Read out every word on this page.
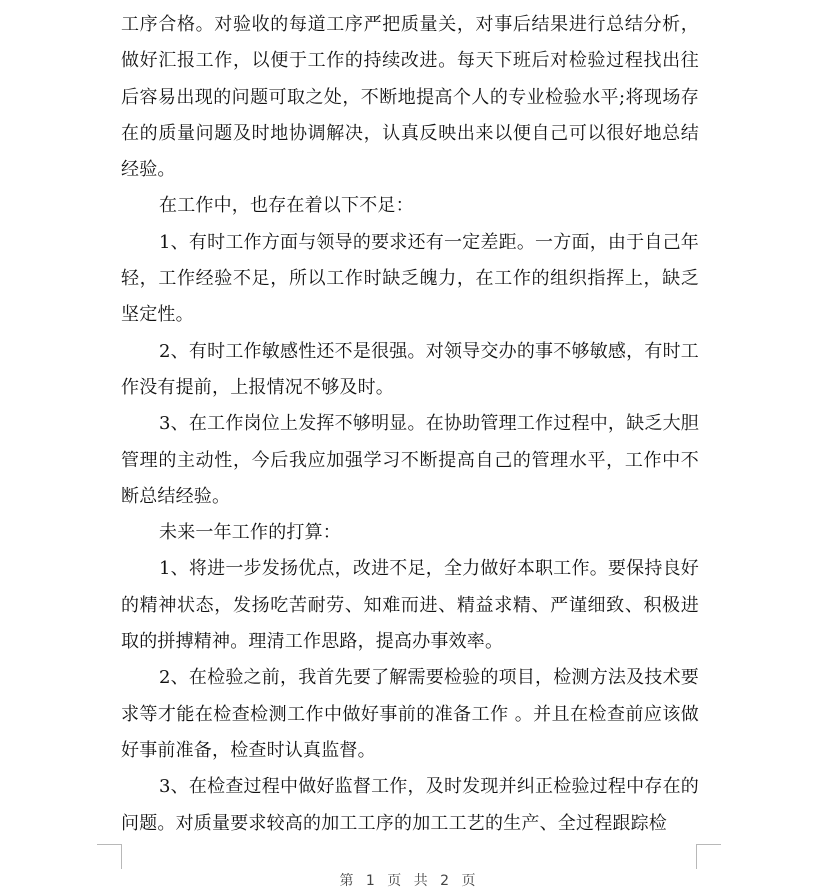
工序合格。对验收的每道工序严把质量关，对事后结果进行总结分析，做好汇报工作，以便于工作的持续改进。每天下班后对检验过程找出往后容易出现的问题可取之处，不断地提高个人的专业检验水平;将现场存在的质量问题及时地协调解决，认真反映出来以便自己可以很好地总结经验。

在工作中，也存在着以下不足：

1、有时工作方面与领导的要求还有一定差距。一方面，由于自己年轻，工作经验不足，所以工作时缺乏魄力，在工作的组织指挥上，缺乏坚定性。

2、有时工作敏感性还不是很强。对领导交办的事不够敏感，有时工作没有提前，上报情况不够及时。

3、在工作岗位上发挥不够明显。在协助管理工作过程中，缺乏大胆管理的主动性，今后我应加强学习不断提高自己的管理水平，工作中不断总结经验。

未来一年工作的打算：

1、将进一步发扬优点，改进不足，全力做好本职工作。要保持良好的精神状态，发扬吃苦耐劳、知难而进、精益求精、严谨细致、积极进取的拼搏精神。理清工作思路，提高办事效率。

2、在检验之前，我首先要了解需要检验的项目，检测方法及技术要求等才能在检查检测工作中做好事前的准备工作 。并且在检查前应该做好事前准备，检查时认真监督。

3、在检查过程中做好监督工作，及时发现并纠正检验过程中存在的问题。对质量要求较高的加工工序的加工工艺的生产、全过程跟踪检

第 1 页 共 2 页
